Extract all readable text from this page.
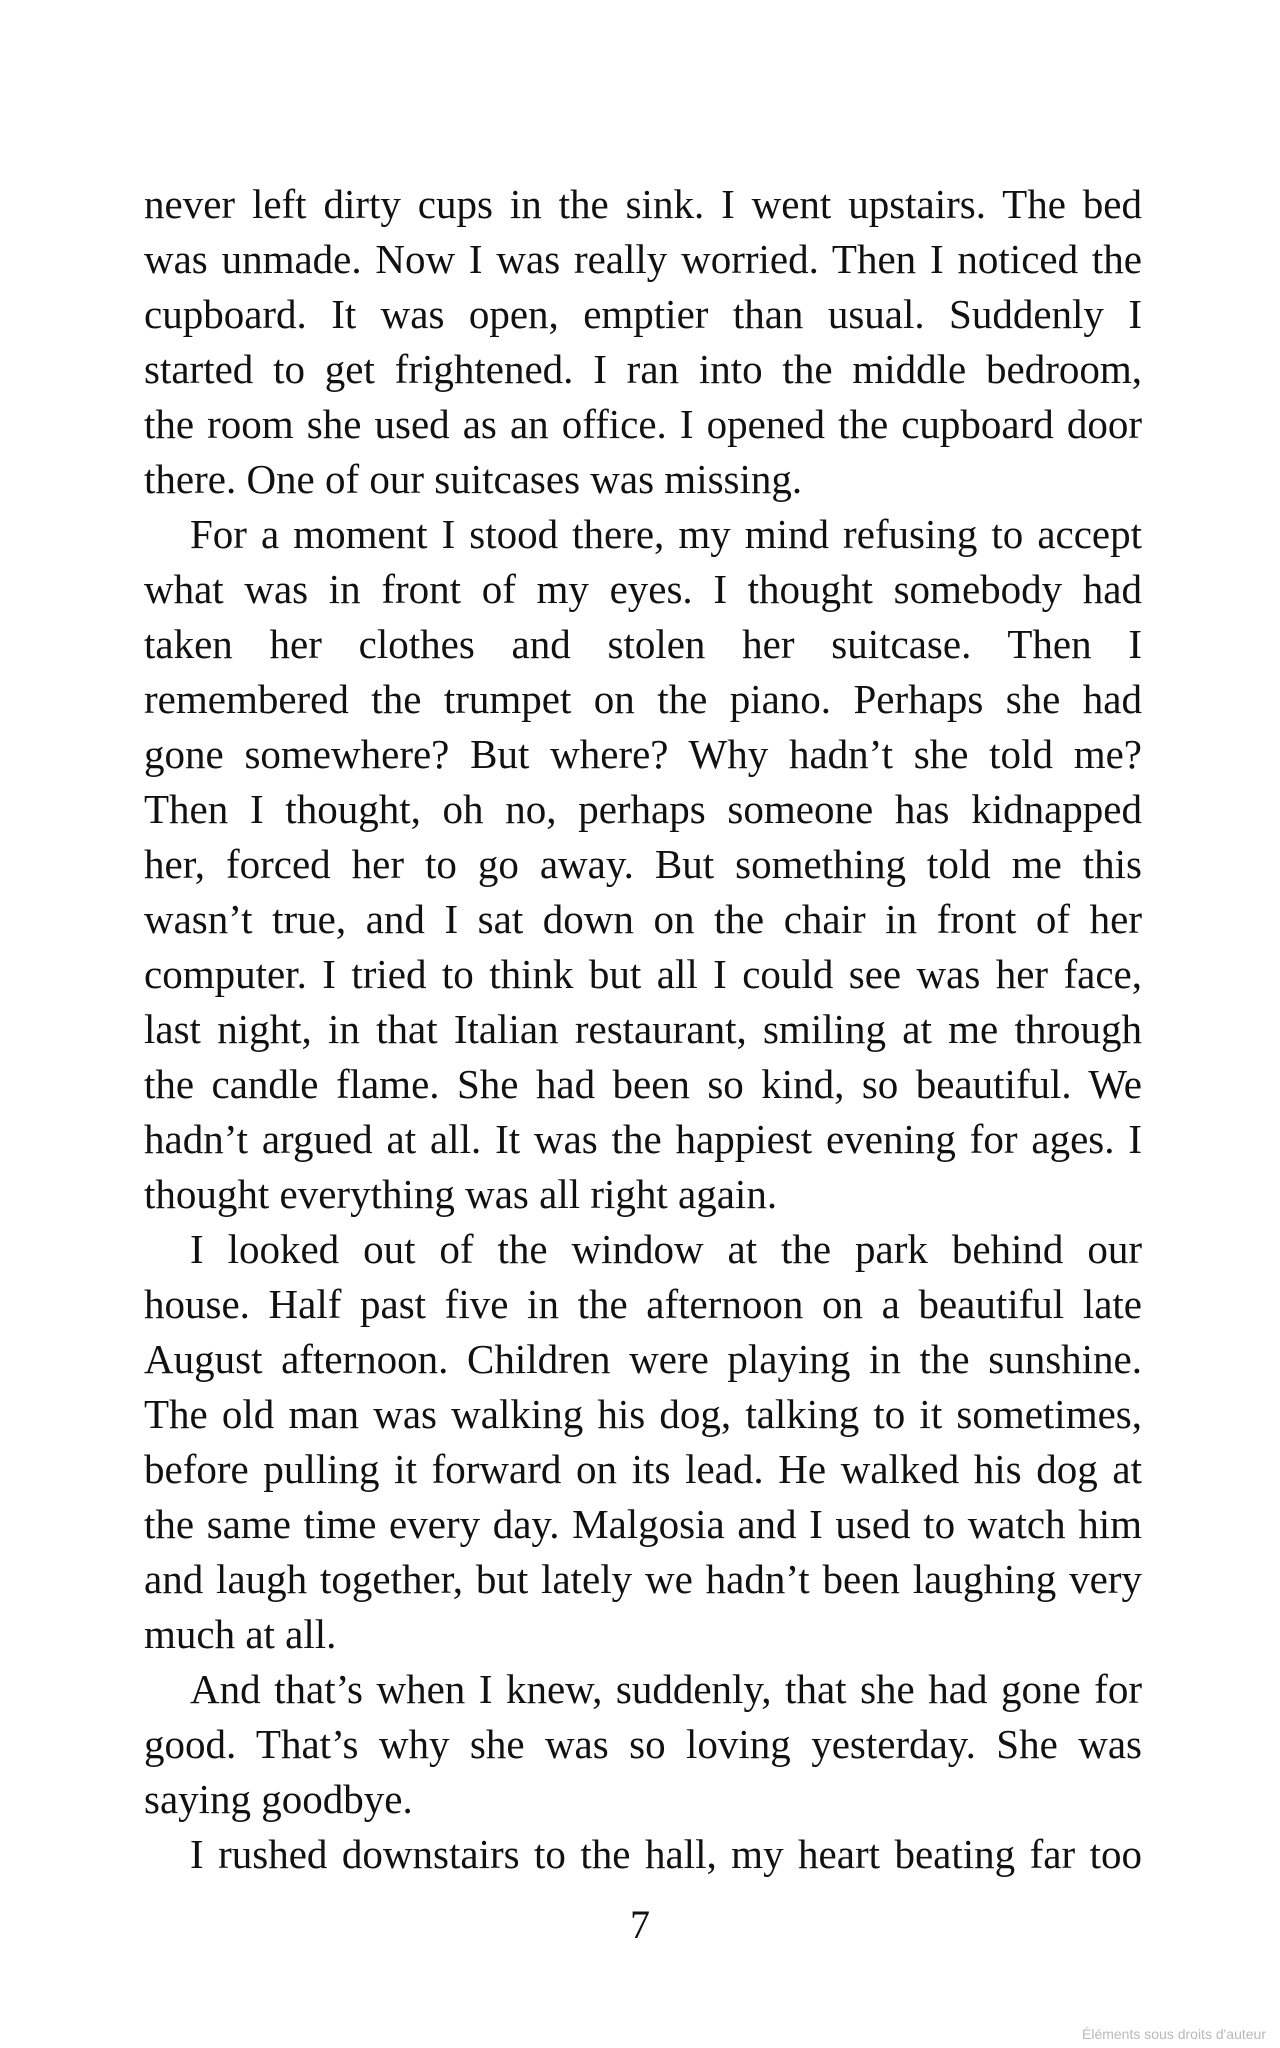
never left dirty cups in the sink. I went upstairs. The bed
was unmade. Now I was really worried. Then I noticed the
cupboard. It was open, emptier than usual. Suddenly I
started to get frightened. I ran into the middle bedroom,
the room she used as an office. I opened the cupboard door
there. One of our suitcases was missing.
For a moment I stood there, my mind refusing to accept
what was in front of my eyes. I thought somebody had
taken her clothes and stolen her suitcase. Then I
remembered the trumpet on the piano. Perhaps she had
gone somewhere? But where? Why hadn’t she told me?
Then I thought, oh no, perhaps someone has kidnapped
her, forced her to go away. But something told me this
wasn’t true, and I sat down on the chair in front of her
computer. I tried to think but all I could see was her face,
last night, in that Italian restaurant, smiling at me through
the candle flame. She had been so kind, so beautiful. We
hadn’t argued at all. It was the happiest evening for ages. I
thought everything was all right again.
I looked out of the window at the park behind our
house. Half past five in the afternoon on a beautiful late
August afternoon. Children were playing in the sunshine.
The old man was walking his dog, talking to it sometimes,
before pulling it forward on its lead. He walked his dog at
the same time every day. Malgosia and I used to watch him
and laugh together, but lately we hadn’t been laughing very
much at all.
And that’s when I knew, suddenly, that she had gone for
good. That’s why she was so loving yesterday. She was
saying goodbye.
I rushed downstairs to the hall, my heart beating far too
7
Éléments sous droits d'auteur
